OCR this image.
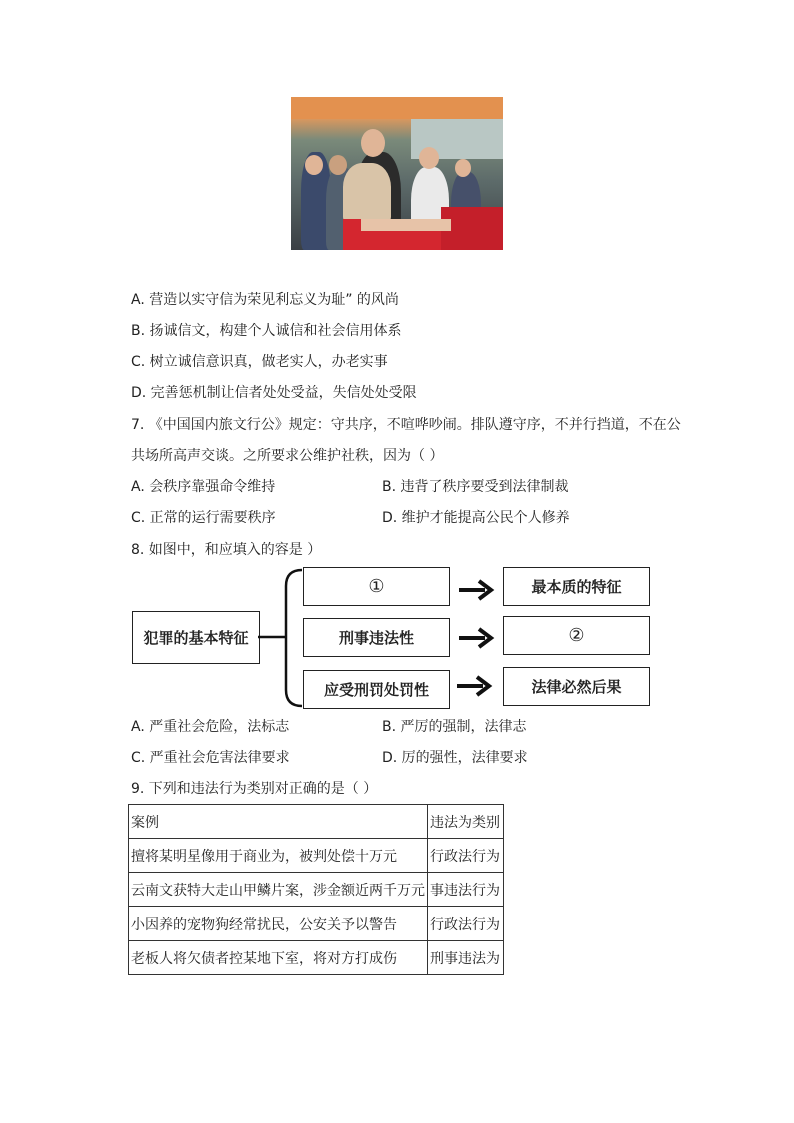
A. 营造以实守信为荣见利忘义为耻” 的风尚
B. 扬诚信文，构建个人诚信和社会信用体系
C. 树立诚信意识真，做老实人，办老实事
D. 完善惩机制让信者处处受益，失信处处受限
7. 《中国国内旅文行公》规定：守共序，不喧哗吵闹。排队遵守序，不并行挡道，不在公
共场所高声交谈。之所要求公维护社秩，因为（ ）
A. 会秩序靠强命令维持	B. 违背了秩序要受到法律制裁
C. 正常的运行需要秩序	D. 维护才能提高公民个人修养
8. 如图中，和应填入的容是 ）
犯罪的基本特征
①
刑事违法性
应受刑罚处罚性
最本质的特征
②
法律必然后果
A. 严重社会危险，法标志	B. 严厉的强制，法律志
C. 严重社会危害法律要求	D. 厉的强性，法律要求
9. 下列和违法行为类别对正确的是（ ）
案例	违法为类别
擅将某明星像用于商业为，被判处偿十万元	行政法行为
云南文获特大走山甲鳞片案，涉金额近两千万元	事违法行为
小因养的宠物狗经常扰民，公安关予以警告	行政法行为
老板人将欠债者控某地下室，将对方打成伤	刑事违法为
